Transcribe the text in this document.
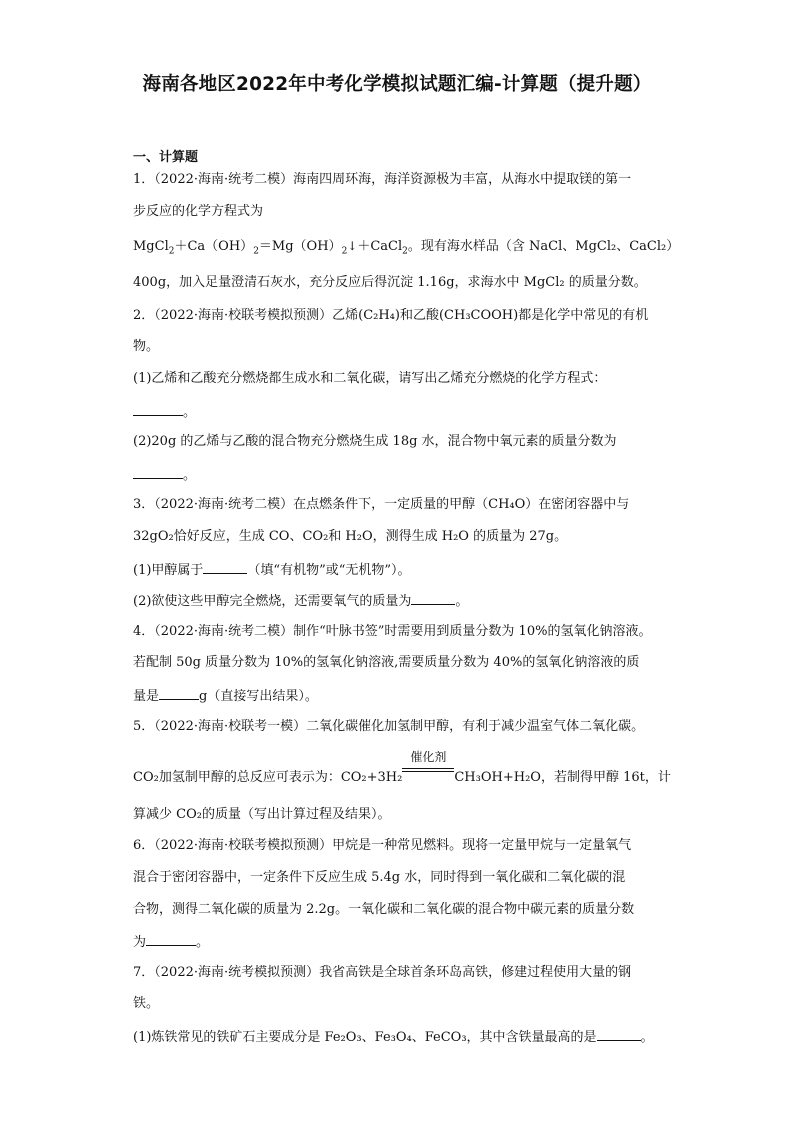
海南各地区2022年中考化学模拟试题汇编-计算题（提升题）
一、计算题
1．（2022·海南·统考二模）海南四周环海，海洋资源极为丰富，从海水中提取镁的第一
步反应的化学方程式为
$MgCl_2+Ca(OH)_2=Mg(OH)_2↓+CaCl_2$。现有海水样品（含 NaCl、MgCl₂、CaCl₂）
400g，加入足量澄清石灰水，充分反应后得沉淀 1.16g，求海水中 MgCl₂ 的质量分数。
2．（2022·海南·校联考模拟预测）乙烯(C₂H₄)和乙酸(CH₃COOH)都是化学中常见的有机
物。
(1)乙烯和乙酸充分燃烧都生成水和二氧化碳，请写出乙烯充分燃烧的化学方程式：
。
(2)20g 的乙烯与乙酸的混合物充分燃烧生成 18g 水，混合物中氧元素的质量分数为
。
3．（2022·海南·统考二模）在点燃条件下，一定质量的甲醇（CH₄O）在密闭容器中与
32gO₂恰好反应，生成 CO、CO₂和 H₂O，测得生成 H₂O 的质量为 27g。
(1)甲醇属于	（填“有机物”或“无机物”）。
(2)欲使这些甲醇完全燃烧，还需要氧气的质量为	。
4．（2022·海南·统考二模）制作“叶脉书签”时需要用到质量分数为 10%的氢氧化钠溶液。
若配制 50g 质量分数为 10%的氢氧化钠溶液,需要质量分数为 40%的氢氧化钠溶液的质
量是	g（直接写出结果）。
5．（2022·海南·校联考一模）二氧化碳催化加氢制甲醇，有利于减少温室气体二氧化碳。
CO₂加氢制甲醇的总反应可表示为：CO₂+3H₂
催化剂
CH₃OH+H₂O，若制得甲醇 16t，计
算减少 CO₂的质量（写出计算过程及结果）。
6．（2022·海南·校联考模拟预测）甲烷是一种常见燃料。现将一定量甲烷与一定量氧气
混合于密闭容器中，一定条件下反应生成 5.4g 水，同时得到一氧化碳和二氧化碳的混
合物，测得二氧化碳的质量为 2.2g。一氧化碳和二氧化碳的混合物中碳元素的质量分数
为	。
7．（2022·海南·统考模拟预测）我省高铁是全球首条环岛高铁，修建过程使用大量的钢
铁。
(1)炼铁常见的铁矿石主要成分是 Fe₂O₃、Fe₃O₄、FeCO₃，其中含铁量最高的是	。
